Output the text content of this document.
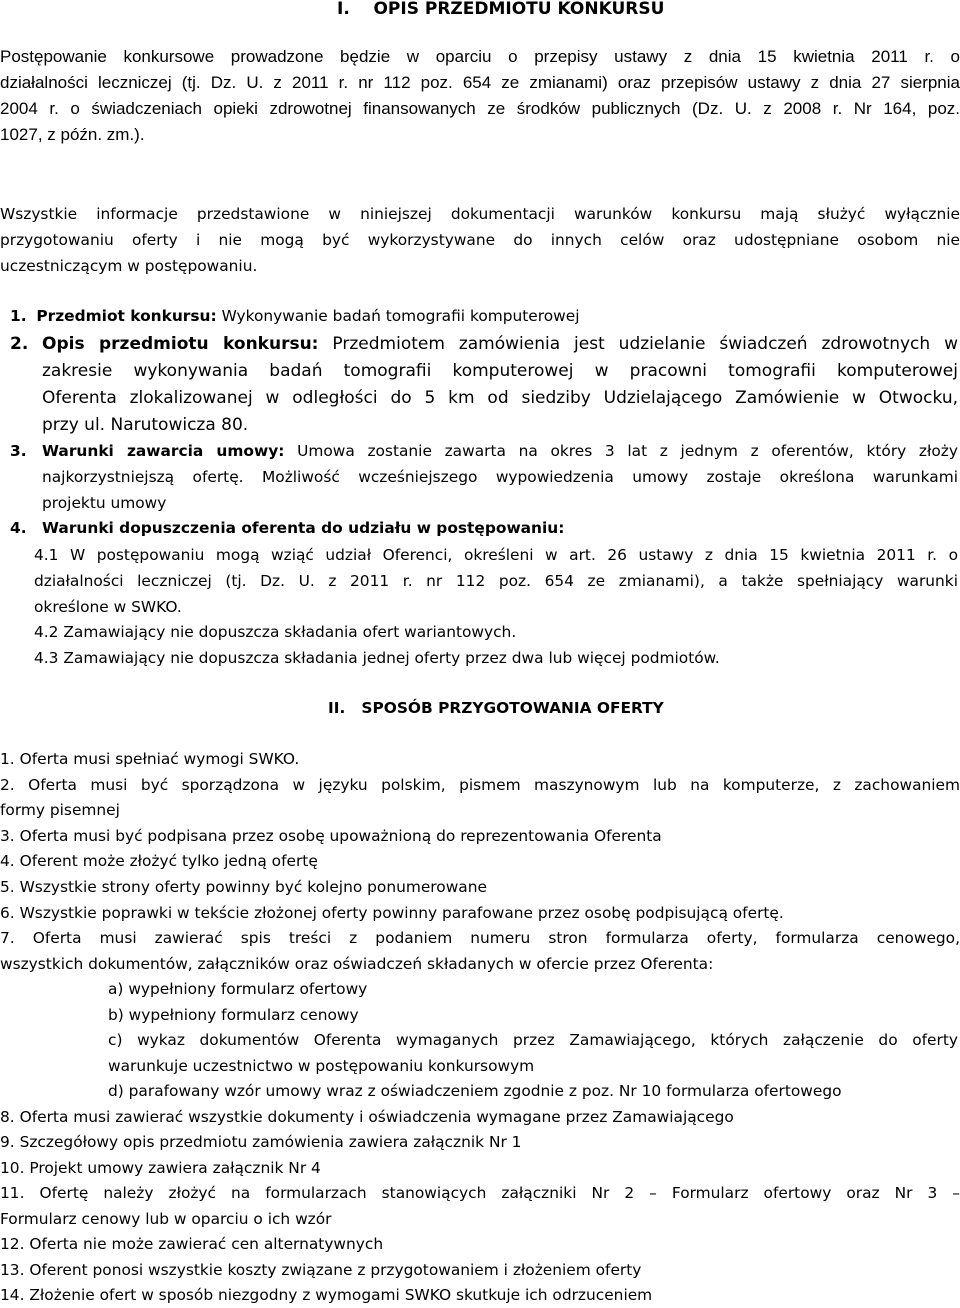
I. OPIS PRZEDMIOTU KONKURSU

Postępowanie konkursowe prowadzone będzie w oparciu o przepisy ustawy z dnia 15 kwietnia 2011 r. o

działalności leczniczej (tj. Dz. U. z 2011 r. nr 112 poz. 654 ze zmianami) oraz przepisów ustawy z dnia 27 sierpnia

2004 r. o świadczeniach opieki zdrowotnej finansowanych ze środków publicznych (Dz. U. z 2008 r. Nr 164, poz.

1027, z późn. zm.).

Wszystkie informacje przedstawione w niniejszej dokumentacji warunków konkursu mają służyć wyłącznie

przygotowaniu oferty i nie mogą być wykorzystywane do innych celów oraz udostępniane osobom nie

uczestniczącym w postępowaniu.

1. Przedmiot konkursu: Wykonywanie badań tomografii komputerowej
2. Opis przedmiotu konkursu: Przedmiotem zamówienia jest udzielanie świadczeń zdrowotnych w

zakresie wykonywania badań tomografii komputerowej w pracowni tomografii komputerowej

Oferenta zlokalizowanej w odległości do 5 km od siedziby Udzielającego Zamówienie w Otwocku,

przy ul. Narutowicza 80.

3.	Warunki zawarcia umowy: Umowa zostanie zawarta na okres 3 lat z jednym z oferentów, który złoży

najkorzystniejszą ofertę. Możliwość wcześniejszego wypowiedzenia umowy zostaje określona warunkami

projektu umowy

4. Warunki dopuszczenia oferenta do udziału w postępowaniu:

4.1 W postępowaniu mogą wziąć udział Oferenci, określeni w art. 26 ustawy z dnia 15 kwietnia 2011 r. o

działalności leczniczej (tj. Dz. U. z 2011 r. nr 112 poz. 654 ze zmianami), a także spełniający warunki

określone w SWKO.

4.2 Zamawiający nie dopuszcza składania ofert wariantowych.

4.3 Zamawiający nie dopuszcza składania jednej oferty przez dwa lub więcej podmiotów.

II. SPOSÓB PRZYGOTOWANIA OFERTY

1. Oferta musi spełniać wymogi SWKO.

2. Oferta musi być sporządzona w języku polskim, pismem maszynowym lub na komputerze, z zachowaniem

formy pisemnej

3. Oferta musi być podpisana przez osobę upoważnioną do reprezentowania Oferenta

4. Oferent może złożyć tylko jedną ofertę

5. Wszystkie strony oferty powinny być kolejno ponumerowane

6. Wszystkie poprawki w tekście złożonej oferty powinny parafowane przez osobę podpisującą ofertę.

7. Oferta musi zawierać spis treści z podaniem numeru stron formularza oferty, formularza cenowego,

wszystkich dokumentów, załączników oraz oświadczeń składanych w ofercie przez Oferenta:

a) wypełniony formularz ofertowy

b) wypełniony formularz cenowy

c) wykaz dokumentów Oferenta wymaganych przez Zamawiającego, których załączenie do oferty

warunkuje uczestnictwo w postępowaniu konkursowym

d) parafowany wzór umowy wraz z oświadczeniem zgodnie z poz. Nr 10 formularza ofertowego

8. Oferta musi zawierać wszystkie dokumenty i oświadczenia wymagane przez Zamawiającego

9. Szczegółowy opis przedmiotu zamówienia zawiera załącznik Nr 1

10. Projekt umowy zawiera załącznik Nr 4

11. Ofertę należy złożyć na formularzach stanowiących załączniki Nr 2 – Formularz ofertowy oraz Nr 3 –

Formularz cenowy lub w oparciu o ich wzór

12. Oferta nie może zawierać cen alternatywnych

13. Oferent ponosi wszystkie koszty związane z przygotowaniem i złożeniem oferty

14. Złożenie ofert w sposób niezgodny z wymogami SWKO skutkuje ich odrzuceniem
